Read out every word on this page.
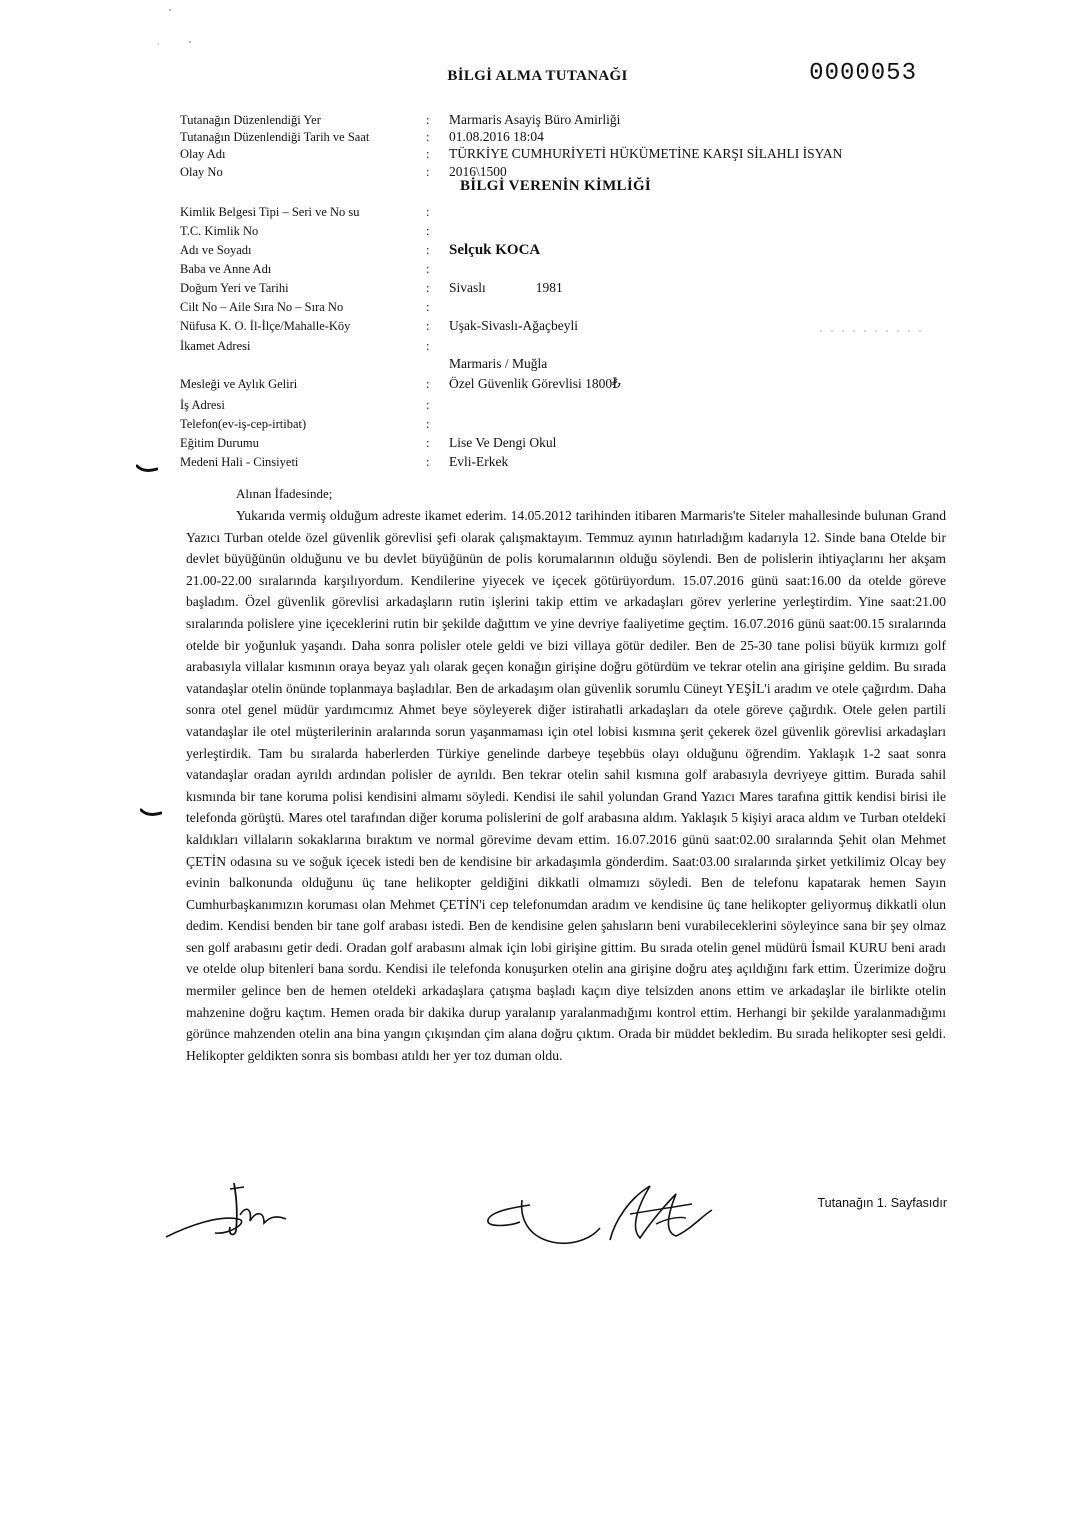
BİLGİ ALMA TUTANAĞI	0000053
Tutanağın Düzenlendiği Yer	: Marmaris Asayiş Büro Amirliği
Tutanağın Düzenlendiği Tarih ve Saat	: 01.08.2016 18:04
Olay Adı	: TÜRKİYE CUMHURİYETİ HÜKÜMETİNE KARŞI SİLAHLI İSYAN
Olay No	: 2016\1500
BİLGİ VERENİN KİMLİĞİ
Kimlik Belgesi Tipi – Seri ve No su	:
T.C. Kimlik No	:
Adı ve Soyadı	: Selçuk KOCA
Baba ve Anne Adı	:
Doğum Yeri ve Tarihi	: Sivaslı	1981
Cilt No – Aile Sıra No – Sıra No	:
Nüfusa K. O. İl-İlçe/Mahalle-Köy	: Uşak-Sivaslı-Ağaçbeyli
İkamet Adresi	:
Marmaris / Muğla
Mesleği ve Aylık Geliri	: Özel Güvenlik Görevlisi 1800₺
İş Adresi	:
Telefon(ev-iş-cep-irtibat)	:
Eğitim Durumu	: Lise Ve Dengi Okul
Medeni Hali - Cinsiyeti	: Evli-Erkek
Alınan İfadesinde;

Yukarıda vermiş olduğum adreste ikamet ederim. 14.05.2012 tarihinden itibaren Marmaris'te Siteler mahallesinde bulunan Grand Yazıcı Turban otelde özel güvenlik görevlisi şefi olarak çalışmaktayım. Temmuz ayının hatırladığım kadarıyla 12. Sinde bana Otelde bir devlet büyüğünün olduğunu ve bu devlet büyüğünün de polis korumalarının olduğu söylendi. Ben de polislerin ihtiyaçlarını her akşam 21.00-22.00 sıralarında karşılıyordum. Kendilerine yiyecek ve içecek götürüyordum. 15.07.2016 günü saat:16.00 da otelde göreve başladım. Özel güvenlik görevlisi arkadaşların rutin işlerini takip ettim ve arkadaşları görev yerlerine yerleştirdim. Yine saat:21.00 sıralarında polislere yine içeceklerini rutin bir şekilde dağıttım ve yine devriye faaliyetime geçtim. 16.07.2016 günü saat:00.15 sıralarında otelde bir yoğunluk yaşandı. Daha sonra polisler otele geldi ve bizi villaya götür dediler. Ben de 25-30 tane polisi büyük kırmızı golf arabasıyla villalar kısmının oraya beyaz yalı olarak geçen konağın girişine doğru götürdüm ve tekrar otelin ana girişine geldim. Bu sırada vatandaşlar otelin önünde toplanmaya başladılar. Ben de arkadaşım olan güvenlik sorumlu Cüneyt YEŞİL'i aradım ve otele çağırdım. Daha sonra otel genel müdür yardımcımız Ahmet beye söyleyerek diğer istirahatli arkadaşları da otele göreve çağırdık. Otele gelen partili vatandaşlar ile otel müşterilerinin aralarında sorun yaşanmaması için otel lobisi kısmına şerit çekerek özel güvenlik görevlisi arkadaşları yerleştirdik. Tam bu sıralarda haberlerden Türkiye genelinde darbeye teşebbüs olayı olduğunu öğrendim. Yaklaşık 1-2 saat sonra vatandaşlar oradan ayrıldı ardından polisler de ayrıldı. Ben tekrar otelin sahil kısmına golf arabasıyla devriyeye gittim. Burada sahil kısmında bir tane koruma polisi kendisini almamı söyledi. Kendisi ile sahil yolundan Grand Yazıcı Mares tarafına gittik kendisi birisi ile telefonda görüştü. Mares otel tarafından diğer koruma polislerini de golf arabasına aldım. Yaklaşık 5 kişiyi araca aldım ve Turban oteldeki kaldıkları villaların sokaklarına bıraktım ve normal görevime devam ettim. 16.07.2016 günü saat:02.00 sıralarında Şehit olan Mehmet ÇETİN odasına su ve soğuk içecek istedi ben de kendisine bir arkadaşımla gönderdim. Saat:03.00 sıralarında şirket yetkilimiz Olcay bey evinin balkonunda olduğunu üç tane helikopter geldiğini dikkatli olmamızı söyledi. Ben de telefonu kapatarak hemen Sayın Cumhurbaşkanımızın koruması olan Mehmet ÇETİN'i cep telefonumdan aradım ve kendisine üç tane helikopter geliyormuş dikkatli olun dedim. Kendisi benden bir tane golf arabası istedi. Ben de kendisine gelen şahısların beni vurabileceklerini söyleyince sana bir şey olmaz sen golf arabasını getir dedi. Oradan golf arabasını almak için lobi girişine gittim. Bu sırada otelin genel müdürü İsmail KURU beni aradı ve otelde olup bitenleri bana sordu. Kendisi ile telefonda konuşurken otelin ana girişine doğru ateş açıldığını fark ettim. Üzerimize doğru mermiler gelince ben de hemen oteldeki arkadaşlara çatışma başladı kaçın diye telsizden anons ettim ve arkadaşlar ile birlikte otelin mahzenine doğru kaçtım. Hemen orada bir dakika durup yaralanıp yaralanmadığımı kontrol ettim. Herhangi bir şekilde yaralanmadığımı görünce mahzenden otelin ana bina yangın çıkışından çim alana doğru çıktım. Orada bir müddet bekledim. Bu sırada helikopter sesi geldi. Helikopter geldikten sonra sis bombası atıldı her yer toz duman oldu.

Tutanağın 1. Sayfasıdır
